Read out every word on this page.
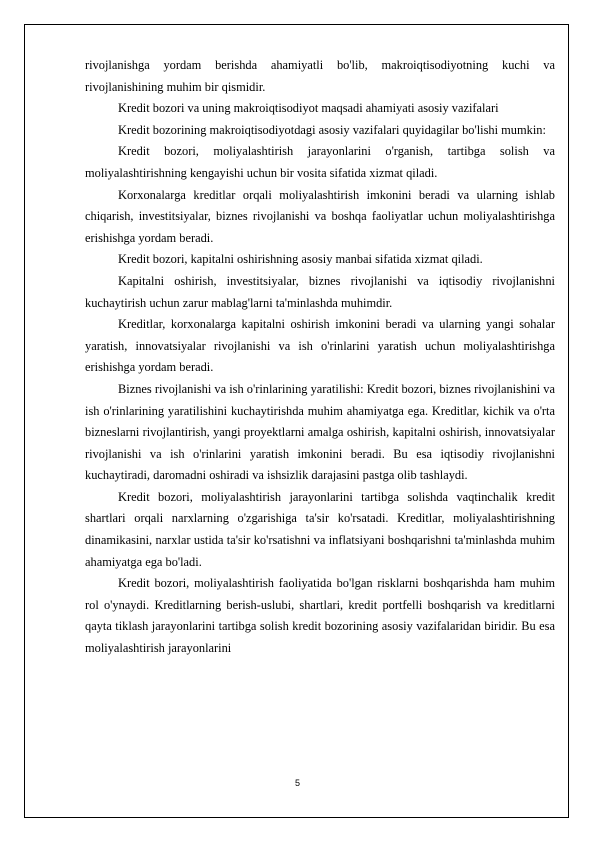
rivojlanishga yordam berishda ahamiyatli bo'lib, makroiqtisodiyotning kuchi va rivojlanishining muhim bir qismidir.

Kredit bozori va uning makroiqtisodiyot maqsadi ahamiyati asosiy vazifalari

Kredit bozorining makroiqtisodiyotdagi asosiy vazifalari quyidagilar bo'lishi mumkin:

Kredit bozori, moliyalashtirish jarayonlarini o'rganish, tartibga solish va moliyalashtirishning kengayishi uchun bir vosita sifatida xizmat qiladi.

Korxonalarga kreditlar orqali moliyalashtirish imkonini beradi va ularning ishlab chiqarish, investitsiyalar, biznes rivojlanishi va boshqa faoliyatlar uchun moliyalashtirishga erishishga yordam beradi.

Kredit bozori, kapitalni oshirishning asosiy manbai sifatida xizmat qiladi.

Kapitalni oshirish, investitsiyalar, biznes rivojlanishi va iqtisodiy rivojlanishni kuchaytirish uchun zarur mablag'larni ta'minlashda muhimdir.

Kreditlar, korxonalarga kapitalni oshirish imkonini beradi va ularning yangi sohalar yaratish, innovatsiyalar rivojlanishi va ish o'rinlarini yaratish uchun moliyalashtirishga erishishga yordam beradi.

Biznes rivojlanishi va ish o'rinlarining yaratilishi: Kredit bozori, biznes rivojlanishini va ish o'rinlarining yaratilishini kuchaytirishda muhim ahamiyatga ega. Kreditlar, kichik va o'rta bizneslarni rivojlantirish, yangi proyektlarni amalga oshirish, kapitalni oshirish, innovatsiyalar rivojlanishi va ish o'rinlarini yaratish imkonini beradi. Bu esa iqtisodiy rivojlanishni kuchaytiradi, daromadni oshiradi va ishsizlik darajasini pastga olib tashlaydi.

Kredit bozori, moliyalashtirish jarayonlarini tartibga solishda vaqtinchalik kredit shartlari orqali narxlarning o'zgarishiga ta'sir ko'rsatadi. Kreditlar, moliyalashtirishning dinamikasini, narxlar ustida ta'sir ko'rsatishni va inflatsiyani boshqarishni ta'minlashda muhim ahamiyatga ega bo'ladi.

Kredit bozori, moliyalashtirish faoliyatida bo'lgan risklarni boshqarishda ham muhim rol o'ynaydi. Kreditlarning berish-uslubi, shartlari, kredit portfelli boshqarish va kreditlarni qayta tiklash jarayonlarini tartibga solish kredit bozorining asosiy vazifalaridan biridir. Bu esa moliyalashtirish jarayonlarini

5
